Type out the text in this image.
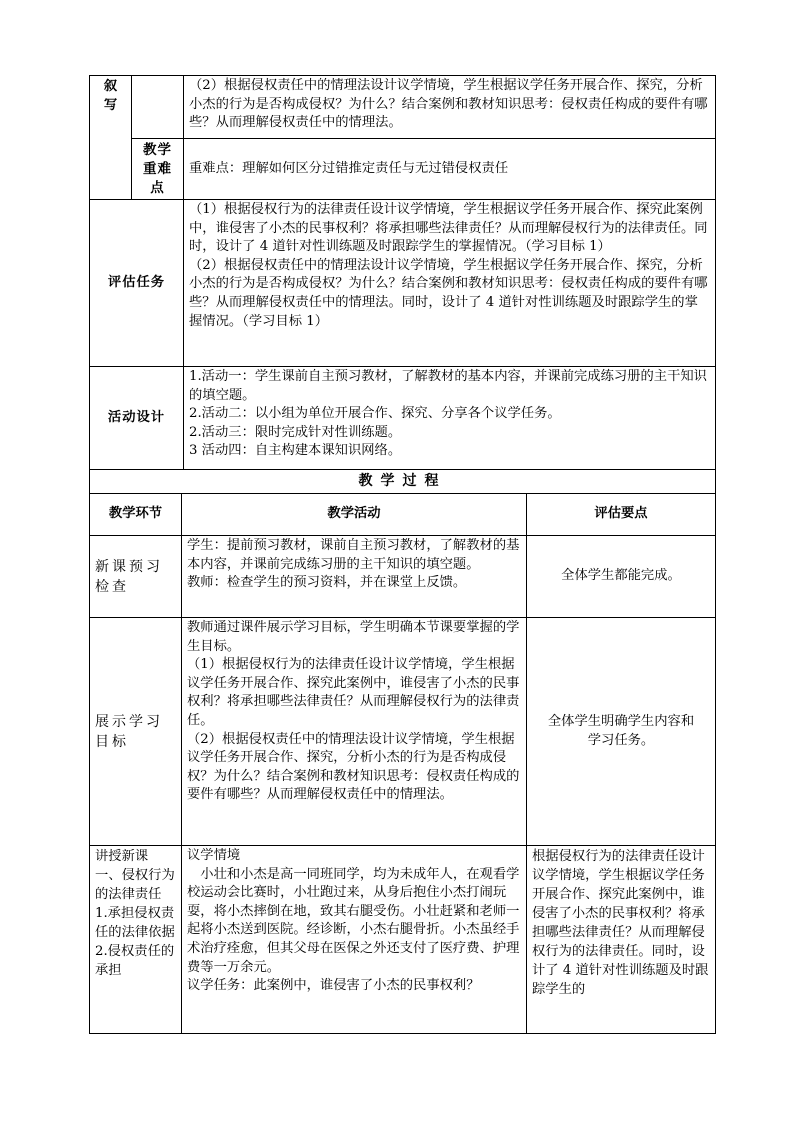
叙
写		（2）根据侵权责任中的情理法设计议学情境，学生根据议学任务开展合作、探究，分析小杰的行为是否构成侵权？为什么？结合案例和教材知识思考：侵权责任构成的要件有哪些？从而理解侵权责任中的情理法。
	教学重难点	重难点：理解如何区分过错推定责任与无过错侵权责任
评估任务		（1）根据侵权行为的法律责任设计议学情境，学生根据议学任务开展合作、探究此案例中，谁侵害了小杰的民事权利？将承担哪些法律责任？从而理解侵权行为的法律责任。同时，设计了 4 道针对性训练题及时跟踪学生的掌握情况。（学习目标 1）
（2）根据侵权责任中的情理法设计议学情境，学生根据议学任务开展合作、探究，分析小杰的行为是否构成侵权？为什么？结合案例和教材知识思考：侵权责任构成的要件有哪些？从而理解侵权责任中的情理法。同时，设计了 4 道针对性训练题及时跟踪学生的掌握情况。（学习目标 1）

活动设计		1.活动一：学生课前自主预习教材，了解教材的基本内容，并课前完成练习册的主干知识的填空题。
2.活动二：以小组为单位开展合作、探究、分享各个议学任务。
2.活动三：限时完成针对性训练题。
3 活动四：自主构建本课知识网络。
教学过程		
教学环节	教学活动	评估要点
新课预习检查	学生：提前预习教材，课前自主预习教材，了解教材的基本内容，并课前完成练习册的主干知识的填空题。
教师：检查学生的预习资料，并在课堂上反馈。	全体学生都能完成。
展示学习目标	教师通过课件展示学习目标，学生明确本节课要掌握的学生目标。
（1）根据侵权行为的法律责任设计议学情境，学生根据议学任务开展合作、探究此案例中，谁侵害了小杰的民事权利？将承担哪些法律责任？从而理解侵权行为的法律责任。
（2）根据侵权责任中的情理法设计议学情境，学生根据议学任务开展合作、探究，分析小杰的行为是否构成侵权？为什么？结合案例和教材知识思考：侵权责任构成的要件有哪些？从而理解侵权责任中的情理法。	全体学生明确学生内容和学习任务。
讲授新课
一、侵权行为的法律责任
1.承担侵权责任的法律依据
2.侵权责任的承担	议学情境
小壮和小杰是高一同班同学，均为未成年人，在观看学校运动会比赛时，小壮跑过来，从身后抱住小杰打闹玩耍，将小杰摔倒在地，致其右腿受伤。小壮赶紧和老师一起将小杰送到医院。经诊断，小杰右腿骨折。小杰虽经手术治疗痊愈，但其父母在医保之外还支付了医疗费、护理费等一万余元。
议学任务：此案例中，谁侵害了小杰的民事权利？	根据侵权行为的法律责任设计议学情境，学生根据议学任务开展合作、探究此案例中，谁侵害了小杰的民事权利？将承担哪些法律责任？从而理解侵权行为的法律责任。同时，设计了 4 道针对性训练题及时跟踪学生的
